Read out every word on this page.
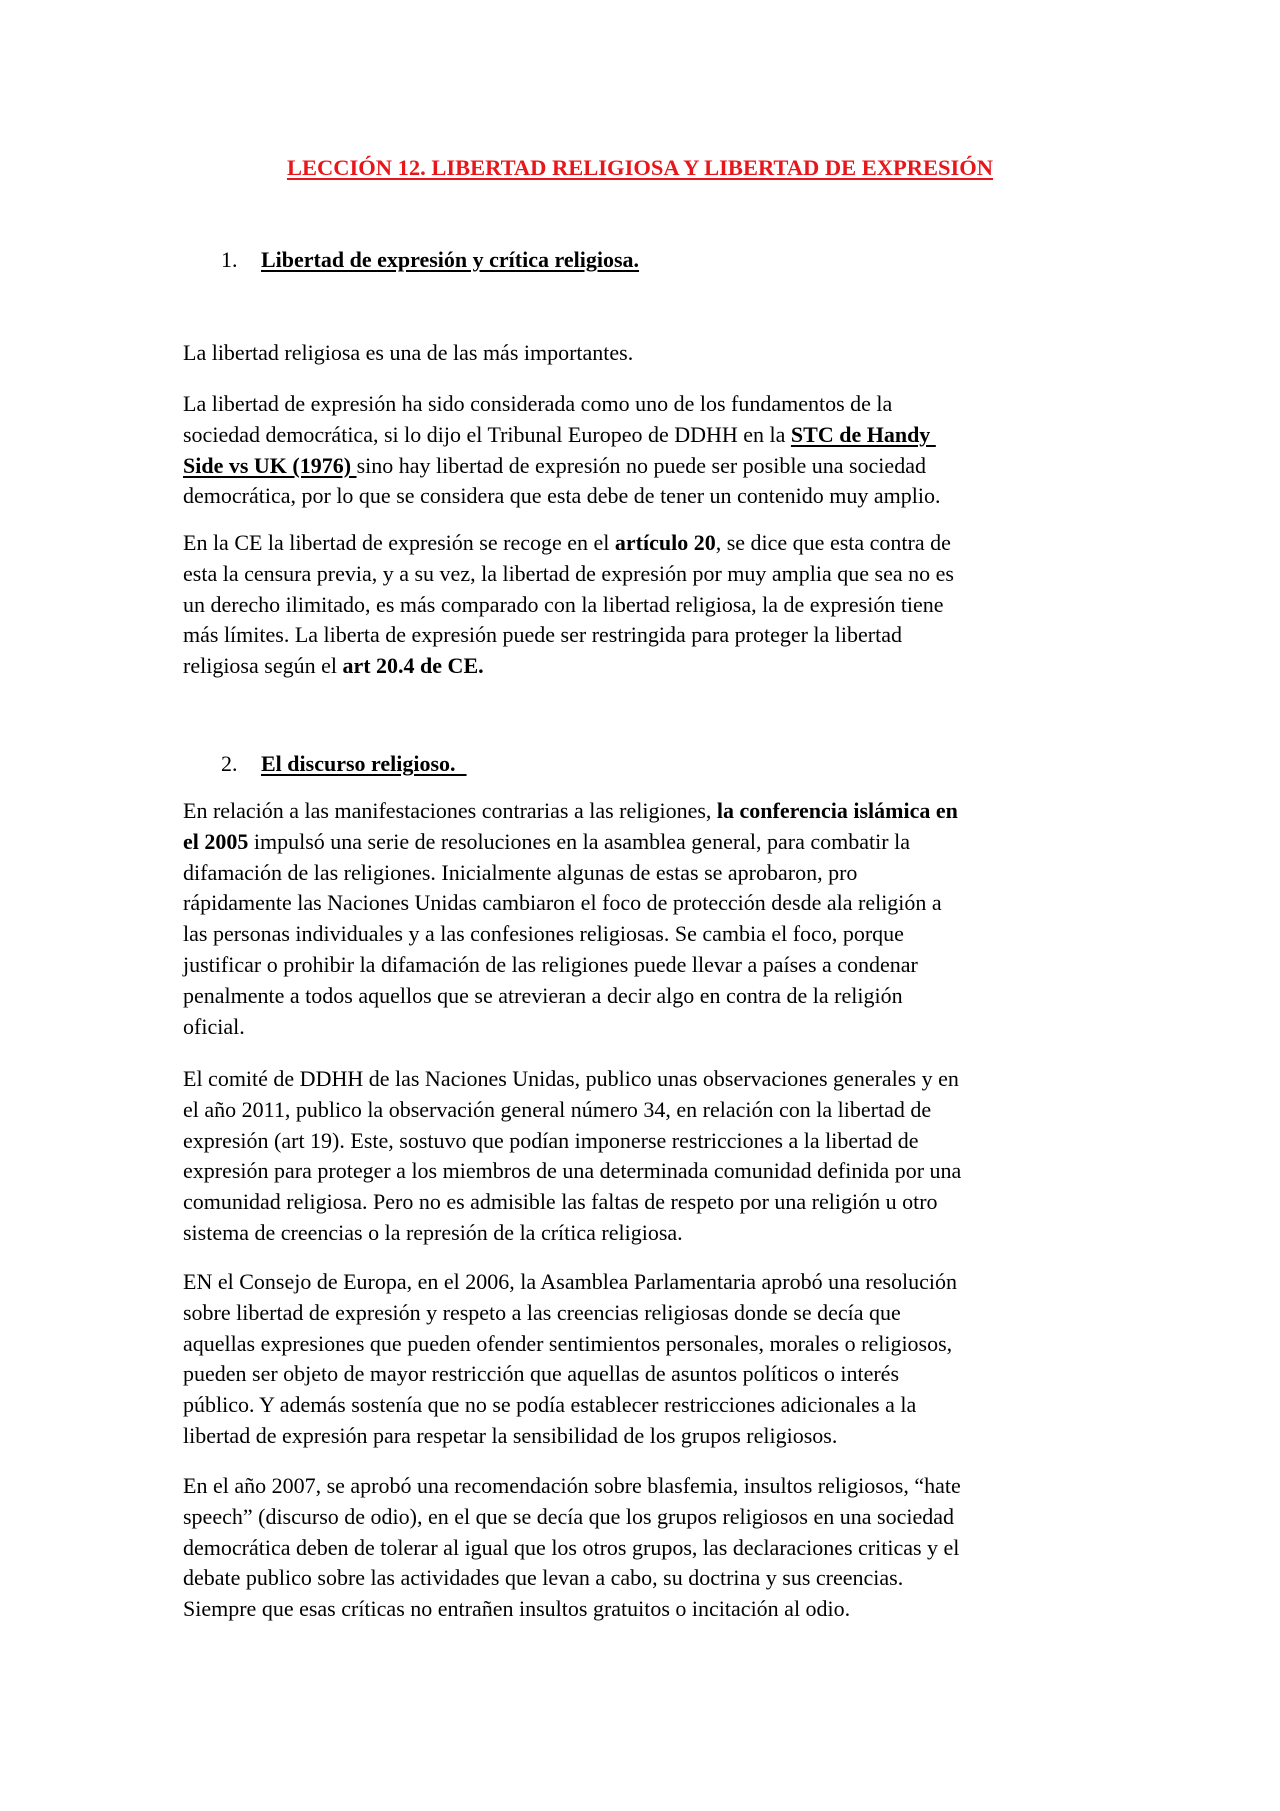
LECCIÓN 12. LIBERTAD RELIGIOSA Y LIBERTAD DE EXPRESIÓN
1. Libertad de expresión y crítica religiosa.
La libertad religiosa es una de las más importantes.
La libertad de expresión ha sido considerada como uno de los fundamentos de la
sociedad democrática, si lo dijo el Tribunal Europeo de DDHH en la STC de Handy
Side vs UK (1976) sino hay libertad de expresión no puede ser posible una sociedad
democrática, por lo que se considera que esta debe de tener un contenido muy amplio.
En la CE la libertad de expresión se recoge en el artículo 20, se dice que esta contra de
esta la censura previa, y a su vez, la libertad de expresión por muy amplia que sea no es
un derecho ilimitado, es más comparado con la libertad religiosa, la de expresión tiene
más límites. La liberta de expresión puede ser restringida para proteger la libertad
religiosa según el art 20.4 de CE.
2. El discurso religioso.
En relación a las manifestaciones contrarias a las religiones, la conferencia islámica en
el 2005 impulsó una serie de resoluciones en la asamblea general, para combatir la
difamación de las religiones. Inicialmente algunas de estas se aprobaron, pro
rápidamente las Naciones Unidas cambiaron el foco de protección desde ala religión a
las personas individuales y a las confesiones religiosas. Se cambia el foco, porque
justificar o prohibir la difamación de las religiones puede llevar a países a condenar
penalmente a todos aquellos que se atrevieran a decir algo en contra de la religión
oficial.
El comité de DDHH de las Naciones Unidas, publico unas observaciones generales y en
el año 2011, publico la observación general número 34, en relación con la libertad de
expresión (art 19). Este, sostuvo que podían imponerse restricciones a la libertad de
expresión para proteger a los miembros de una determinada comunidad definida por una
comunidad religiosa. Pero no es admisible las faltas de respeto por una religión u otro
sistema de creencias o la represión de la crítica religiosa.
EN el Consejo de Europa, en el 2006, la Asamblea Parlamentaria aprobó una resolución
sobre libertad de expresión y respeto a las creencias religiosas donde se decía que
aquellas expresiones que pueden ofender sentimientos personales, morales o religiosos,
pueden ser objeto de mayor restricción que aquellas de asuntos políticos o interés
público. Y además sostenía que no se podía establecer restricciones adicionales a la
libertad de expresión para respetar la sensibilidad de los grupos religiosos.
En el año 2007, se aprobó una recomendación sobre blasfemia, insultos religiosos, “hate
speech” (discurso de odio), en el que se decía que los grupos religiosos en una sociedad
democrática deben de tolerar al igual que los otros grupos, las declaraciones criticas y el
debate publico sobre las actividades que levan a cabo, su doctrina y sus creencias.
Siempre que esas críticas no entrañen insultos gratuitos o incitación al odio.
